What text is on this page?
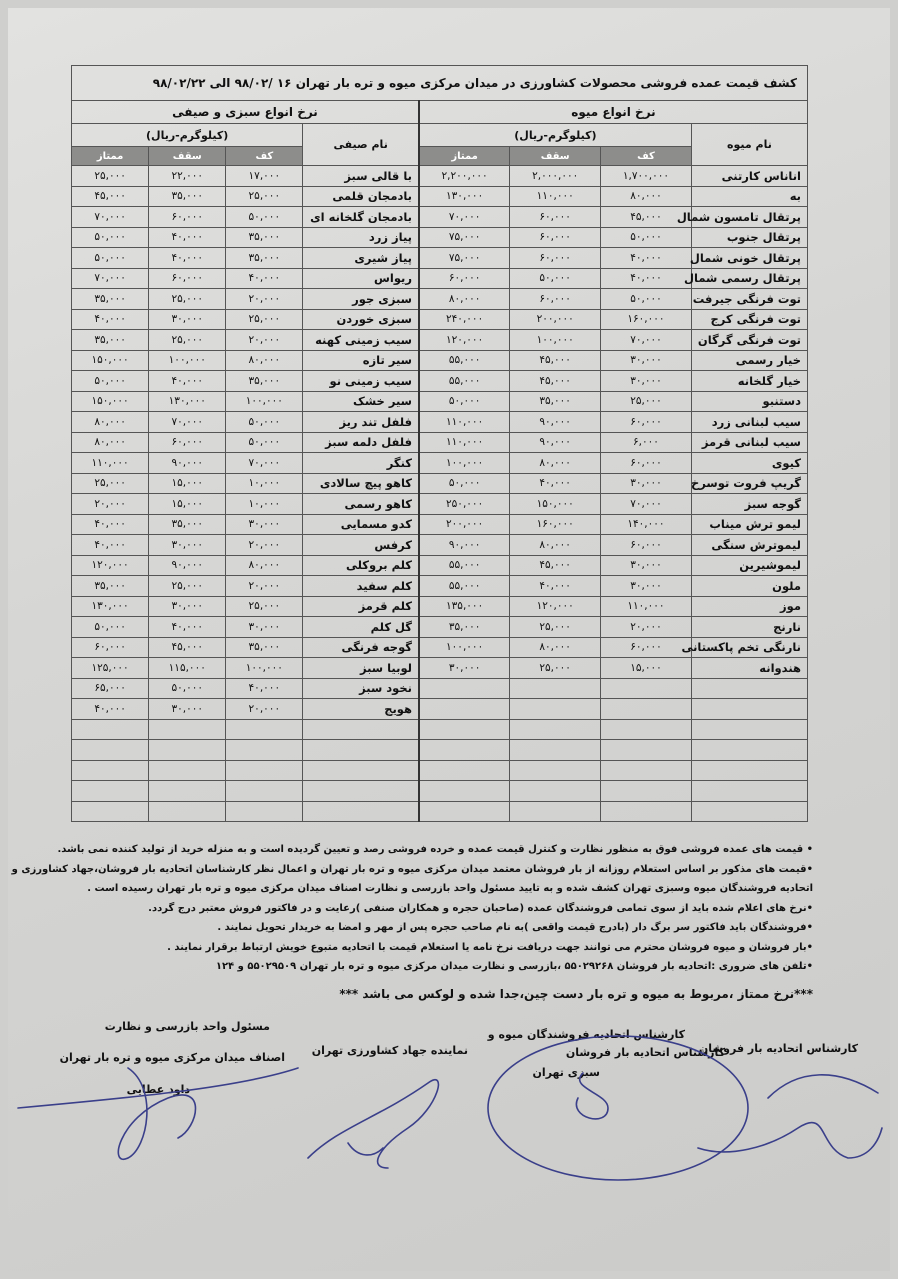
کشف قیمت عمده فروشی محصولات کشاورزی در میدان مرکزی میوه و تره بار تهران ۱۶ /۹۸/۰۲ الی ۹۸/۰۲/۲۲							
نرخ انواع میوه				نرخ انواع سبزی و صیفی			
نام میوه	(کیلوگرم-ریال)			نام صیفی	(کیلوگرم-ریال)		
	کف	سقف	ممتاز		کف	سقف	ممتاز
اناناس کارتنی	۱,۷۰۰,۰۰۰	۲,۰۰۰,۰۰۰	۲,۲۰۰,۰۰۰	با قالی سبز	۱۷,۰۰۰	۲۲,۰۰۰	۲۵,۰۰۰
به	۸۰,۰۰۰	۱۱۰,۰۰۰	۱۳۰,۰۰۰	بادمجان قلمی	۲۵,۰۰۰	۳۵,۰۰۰	۴۵,۰۰۰
پرتقال تامسون شمال	۴۵,۰۰۰	۶۰,۰۰۰	۷۰,۰۰۰	بادمجان گلخانه ای	۵۰,۰۰۰	۶۰,۰۰۰	۷۰,۰۰۰
پرتقال جنوب	۵۰,۰۰۰	۶۰,۰۰۰	۷۵,۰۰۰	پیاز زرد	۳۵,۰۰۰	۴۰,۰۰۰	۵۰,۰۰۰
پرتقال خونی شمال	۴۰,۰۰۰	۶۰,۰۰۰	۷۵,۰۰۰	پیاز شیری	۳۵,۰۰۰	۴۰,۰۰۰	۵۰,۰۰۰
پرتقال رسمی شمال	۴۰,۰۰۰	۵۰,۰۰۰	۶۰,۰۰۰	ریواس	۴۰,۰۰۰	۶۰,۰۰۰	۷۰,۰۰۰
توت فرنگی جیرفت	۵۰,۰۰۰	۶۰,۰۰۰	۸۰,۰۰۰	سبزی جور	۲۰,۰۰۰	۲۵,۰۰۰	۳۵,۰۰۰
توت فرنگی کرج	۱۶۰,۰۰۰	۲۰۰,۰۰۰	۲۴۰,۰۰۰	سبزی خوردن	۲۵,۰۰۰	۳۰,۰۰۰	۴۰,۰۰۰
توت فرنگی گرگان	۷۰,۰۰۰	۱۰۰,۰۰۰	۱۲۰,۰۰۰	سیب زمینی کهنه	۲۰,۰۰۰	۲۵,۰۰۰	۳۵,۰۰۰
خیار رسمی	۳۰,۰۰۰	۴۵,۰۰۰	۵۵,۰۰۰	سیر تازه	۸۰,۰۰۰	۱۰۰,۰۰۰	۱۵۰,۰۰۰
خیار گلخانه	۳۰,۰۰۰	۴۵,۰۰۰	۵۵,۰۰۰	سیب زمینی نو	۳۵,۰۰۰	۴۰,۰۰۰	۵۰,۰۰۰
دستنبو	۲۵,۰۰۰	۳۵,۰۰۰	۵۰,۰۰۰	سیر خشک	۱۰۰,۰۰۰	۱۳۰,۰۰۰	۱۵۰,۰۰۰
سیب لبنانی زرد	۶۰,۰۰۰	۹۰,۰۰۰	۱۱۰,۰۰۰	فلفل تند ریز	۵۰,۰۰۰	۷۰,۰۰۰	۸۰,۰۰۰
سیب لبنانی قرمز	۶,۰۰۰	۹۰,۰۰۰	۱۱۰,۰۰۰	فلفل دلمه سبز	۵۰,۰۰۰	۶۰,۰۰۰	۸۰,۰۰۰
کیوی	۶۰,۰۰۰	۸۰,۰۰۰	۱۰۰,۰۰۰	کنگر	۷۰,۰۰۰	۹۰,۰۰۰	۱۱۰,۰۰۰
گریپ فروت توسرخ	۳۰,۰۰۰	۴۰,۰۰۰	۵۰,۰۰۰	کاهو پیچ سالادی	۱۰,۰۰۰	۱۵,۰۰۰	۲۵,۰۰۰
گوجه سبز	۷۰,۰۰۰	۱۵۰,۰۰۰	۲۵۰,۰۰۰	کاهو رسمی	۱۰,۰۰۰	۱۵,۰۰۰	۲۰,۰۰۰
لیمو ترش میناب	۱۴۰,۰۰۰	۱۶۰,۰۰۰	۲۰۰,۰۰۰	کدو مسمایی	۳۰,۰۰۰	۳۵,۰۰۰	۴۰,۰۰۰
لیموترش سنگی	۶۰,۰۰۰	۸۰,۰۰۰	۹۰,۰۰۰	کرفس	۲۰,۰۰۰	۳۰,۰۰۰	۴۰,۰۰۰
لیموشیرین	۳۰,۰۰۰	۴۵,۰۰۰	۵۵,۰۰۰	کلم بروکلی	۸۰,۰۰۰	۹۰,۰۰۰	۱۲۰,۰۰۰
ملون	۳۰,۰۰۰	۴۰,۰۰۰	۵۵,۰۰۰	کلم سفید	۲۰,۰۰۰	۲۵,۰۰۰	۳۵,۰۰۰
موز	۱۱۰,۰۰۰	۱۲۰,۰۰۰	۱۳۵,۰۰۰	کلم قرمز	۲۵,۰۰۰	۳۰,۰۰۰	۱۳۰,۰۰۰
نارنج	۲۰,۰۰۰	۲۵,۰۰۰	۳۵,۰۰۰	گل کلم	۳۰,۰۰۰	۴۰,۰۰۰	۵۰,۰۰۰
نارنگی تخم پاکستانی	۶۰,۰۰۰	۸۰,۰۰۰	۱۰۰,۰۰۰	گوجه فرنگی	۳۵,۰۰۰	۴۵,۰۰۰	۶۰,۰۰۰
هندوانه	۱۵,۰۰۰	۲۵,۰۰۰	۳۰,۰۰۰	لوبیا سبز	۱۰۰,۰۰۰	۱۱۵,۰۰۰	۱۲۵,۰۰۰
				نخود سبز	۴۰,۰۰۰	۵۰,۰۰۰	۶۵,۰۰۰
				هویج	۲۰,۰۰۰	۳۰,۰۰۰	۴۰,۰۰۰

• قیمت های عمده فروشی فوق به منظور نظارت و کنترل قیمت عمده و خرده فروشی رصد و تعیین گردیده است و به منزله خرید از تولید کننده نمی باشد.

•قیمت های مذکور بر اساس استعلام روزانه از بار فروشان معتمد میدان مرکزی میوه و تره بار تهران و اعمال نظر کارشناسان اتحادیه بار فروشان،جهاد کشاورزی و

اتحادیه فروشندگان میوه وسبزی تهران کشف شده و به تایید مسئول واحد بازرسی و نظارت اصناف میدان مرکزی میوه و تره بار تهران رسیده است .

•نرخ های اعلام شده باید از سوی تمامی فروشندگان عمده (صاحبان حجره و همکاران صنفی )رعایت و در فاکتور فروش معتبر درج گردد.

•فروشندگان باید فاکتور سر برگ دار (بادرج قیمت واقعی )به نام صاحب حجره پس از مهر و امضا به خریدار تحویل نمایند .

•بار فروشان و میوه فروشان محترم می توانند جهت دریافت نرخ نامه یا استعلام قیمت با اتحادیه متبوع خویش ارتباط برقرار نمایند .

•تلفن های ضروری :اتحادیه بار فروشان ۵۵۰۲۹۲۶۸ ،بازرسی و نظارت میدان مرکزی میوه و تره بار تهران ۵۵۰۲۹۵۰۹ و ۱۲۴

***نرخ ممتاز ،مربوط به میوه و تره بار دست چین،جدا شده و لوکس می باشد ***

مسئول واحد بازرسی و نظارت
اصناف میدان مرکزی میوه و تره بار تهران
داود عطایی
نماینده جهاد کشاورزی تهران
کارشناس اتحادیه فروشندگان میوه و
سبزی تهران
کارشناس اتحادیه بار فروشان
کارشناس اتحادیه بار فروشان
